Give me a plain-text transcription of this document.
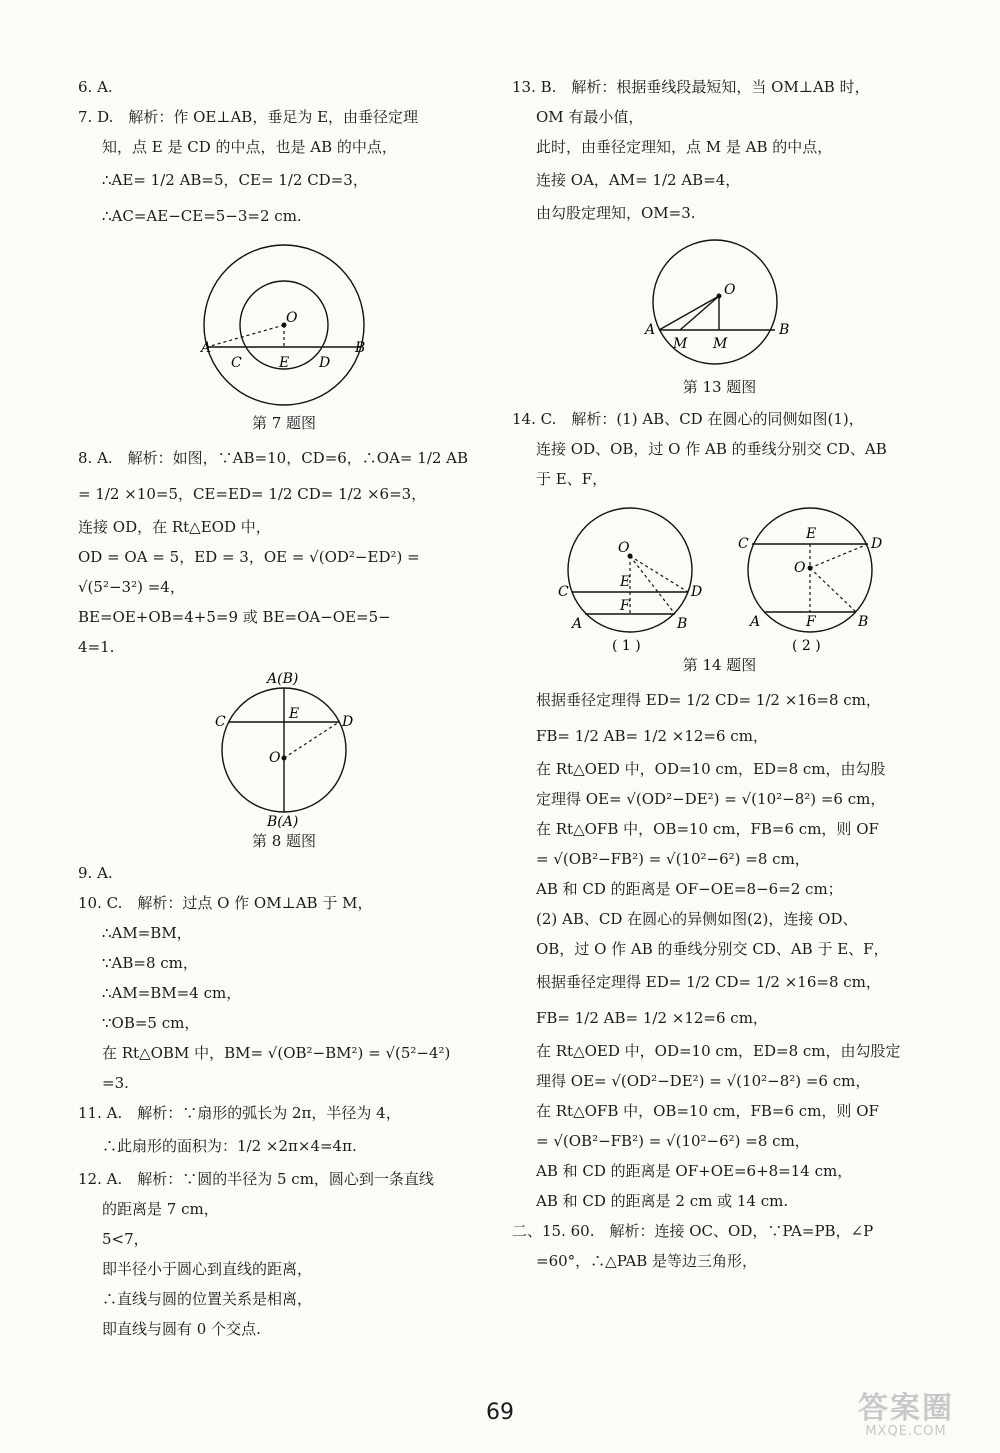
6. A.
7. D.　解析：作 OE⊥AB，垂足为 E，由垂径定理
知，点 E 是 CD 的中点，也是 AB 的中点，
∴AE= 1/2 AB=5，CE= 1/2 CD=3，
∴AC=AE−CE=5−3=2 cm.
A
C	E D
B
O
第 7 题图
8. A.　解析：如图，∵AB=10，CD=6，∴OA= 1/2 AB
= 1/2 ×10=5，CE=ED= 1/2 CD= 1/2 ×6=3，
连接 OD，在 Rt△EOD 中，
OD = OA = 5，ED = 3，OE = √(OD²−ED²) =
√(5²−3²) =4，
BE=OE+OB=4+5=9 或 BE=OA−OE=5−
4=1.
A(B)
C	E	D
O
B(A)
第 8 题图
9. A.
10. C.　解析：过点 O 作 OM⊥AB 于 M，
∴AM=BM，
∵AB=8 cm，
∴AM=BM=4 cm，
∵OB=5 cm，
在 Rt△OBM 中，BM= √(OB²−BM²) = √(5²−4²)
=3.
11. A.　解析：∵扇形的弧长为 2π，半径为 4，
∴此扇形的面积为：1/2 ×2π×4=4π.
12. A.　解析：∵圆的半径为 5 cm，圆心到一条直线
的距离是 7 cm，
5<7，
即半径小于圆心到直线的距离，
∴直线与圆的位置关系是相离，
即直线与圆有 0 个交点.
13. B.　解析：根据垂线段最短知，当 OM⊥AB 时，
OM 有最小值，
此时，由垂径定理知，点 M 是 AB 的中点，
连接 OA，AM= 1/2 AB=4，
由勾股定理知，OM=3.
O
A
M M
B
第 13 题图
14. C.　解析：(1) AB、CD 在圆心的同侧如图(1)，
连接 OD、OB，过 O 作 AB 的垂线分别交 CD、AB
于 E、F，
O
E
C	D
F
A	B
( 1 )
C
E
D
O
A	F	B
( 2 )
第 14 题图
根据垂径定理得 ED= 1/2 CD= 1/2 ×16=8 cm，
FB= 1/2 AB= 1/2 ×12=6 cm，
在 Rt△OED 中，OD=10 cm，ED=8 cm，由勾股
定理得 OE= √(OD²−DE²) = √(10²−8²) =6 cm，
在 Rt△OFB 中，OB=10 cm，FB=6 cm，则 OF
= √(OB²−FB²) = √(10²−6²) =8 cm，
AB 和 CD 的距离是 OF−OE=8−6=2 cm；
(2) AB、CD 在圆心的异侧如图(2)，连接 OD、
OB，过 O 作 AB 的垂线分别交 CD、AB 于 E、F，
根据垂径定理得 ED= 1/2 CD= 1/2 ×16=8 cm，
FB= 1/2 AB= 1/2 ×12=6 cm，
在 Rt△OED 中，OD=10 cm，ED=8 cm，由勾股定
理得 OE= √(OD²−DE²) = √(10²−8²) =6 cm，
在 Rt△OFB 中，OB=10 cm，FB=6 cm，则 OF
= √(OB²−FB²) = √(10²−6²) =8 cm，
AB 和 CD 的距离是 OF+OE=6+8=14 cm，
AB 和 CD 的距离是 2 cm 或 14 cm.
二、15. 60.　解析：连接 OC、OD，∵PA=PB，∠P
=60°，∴△PAB 是等边三角形，
69	答案圈
MXQE.COM
